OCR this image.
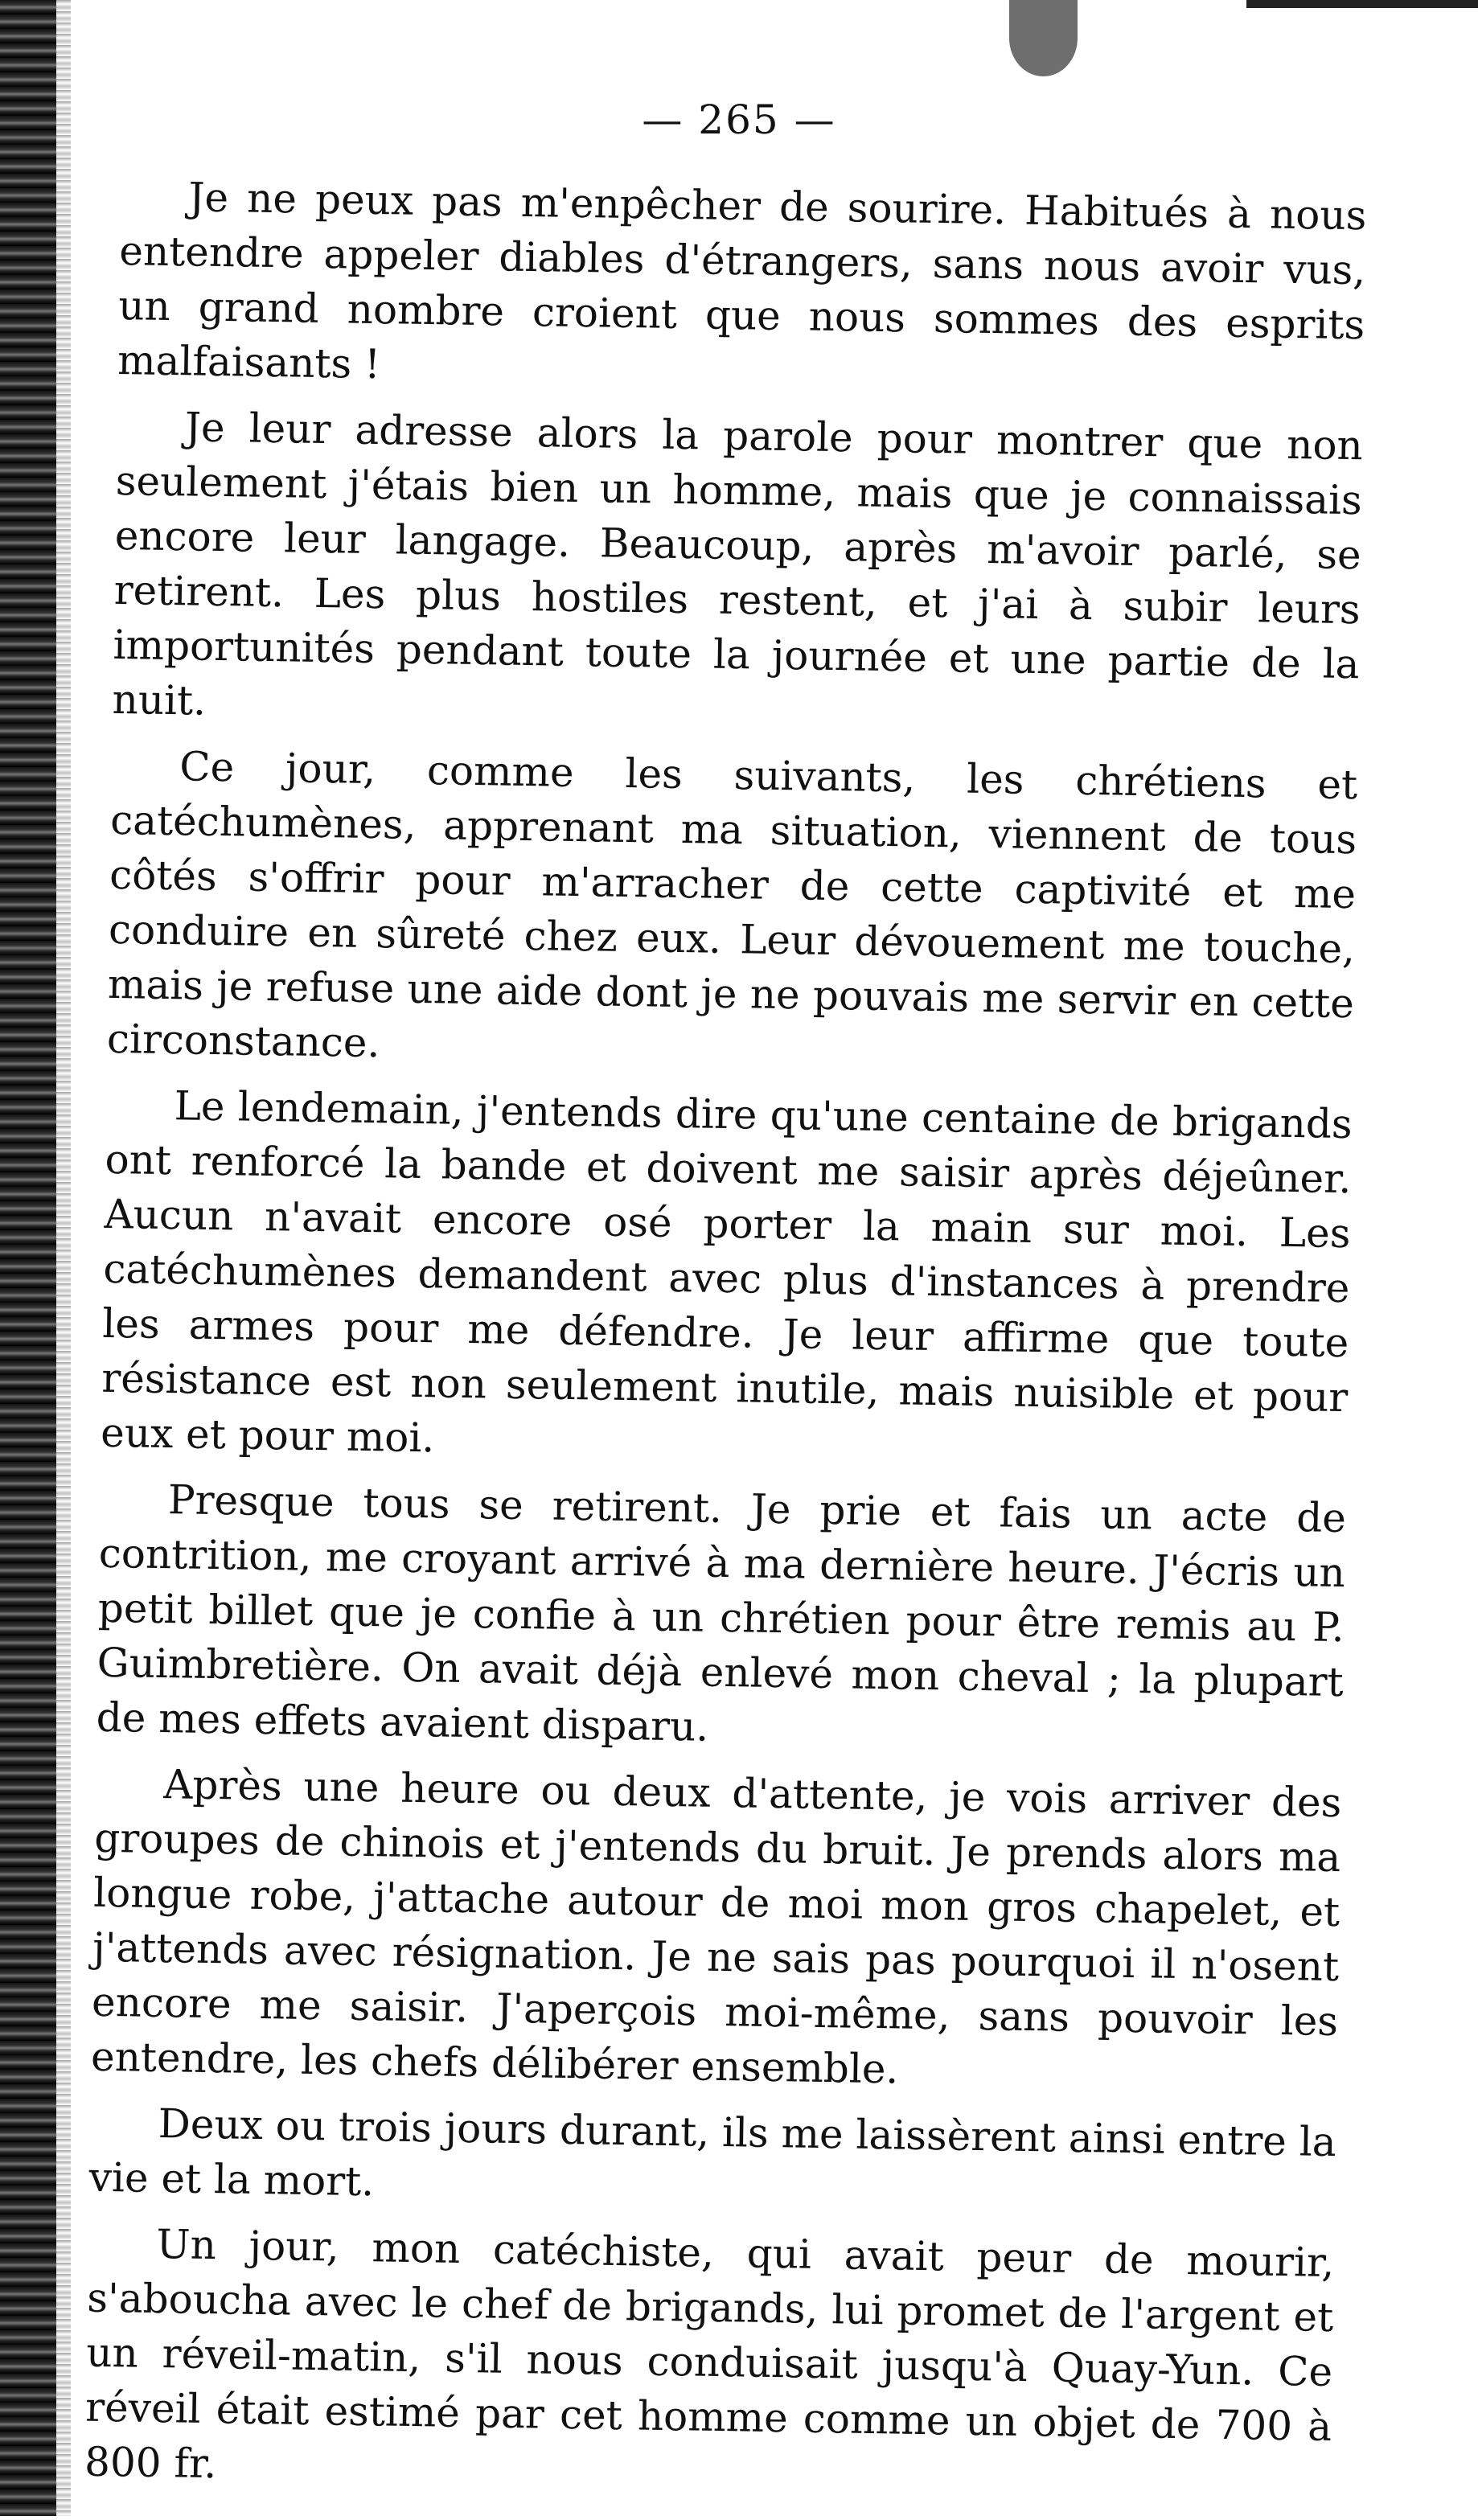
— 265 —

Je ne peux pas m'enpêcher de sourire. Habitués à nous entendre appeler diables d'étrangers, sans nous avoir vus, un grand nombre croient que nous sommes des esprits malfaisants !

Je leur adresse alors la parole pour montrer que non seulement j'étais bien un homme, mais que je connaissais encore leur langage. Beaucoup, après m'avoir parlé, se retirent. Les plus hostiles restent, et j'ai à subir leurs importunités pendant toute la journée et une partie de la nuit.

Ce jour, comme les suivants, les chrétiens et catéchumènes, apprenant ma situation, viennent de tous côtés s'offrir pour m'arracher de cette captivité et me conduire en sûreté chez eux. Leur dévouement me touche, mais je refuse une aide dont je ne pouvais me servir en cette circonstance.

Le lendemain, j'entends dire qu'une centaine de brigands ont renforcé la bande et doivent me saisir après déjeûner. Aucun n'avait encore osé porter la main sur moi. Les catéchumènes demandent avec plus d'instances à prendre les armes pour me défendre. Je leur affirme que toute résistance est non seulement inutile, mais nuisible et pour eux et pour moi.

Presque tous se retirent. Je prie et fais un acte de contrition, me croyant arrivé à ma dernière heure. J'écris un petit billet que je confie à un chrétien pour être remis au P. Guimbretière. On avait déjà enlevé mon cheval ; la plupart de mes effets avaient disparu.

Après une heure ou deux d'attente, je vois arriver des groupes de chinois et j'entends du bruit. Je prends alors ma longue robe, j'attache autour de moi mon gros chapelet, et j'attends avec résignation. Je ne sais pas pourquoi il n'osent encore me saisir. J'aperçois moi-même, sans pouvoir les entendre, les chefs délibérer ensemble.

Deux ou trois jours durant, ils me laissèrent ainsi entre la vie et la mort.

Un jour, mon catéchiste, qui avait peur de mourir, s'aboucha avec le chef de brigands, lui promet de l'argent et un réveil-matin, s'il nous conduisait jusqu'à Quay-Yun. Ce réveil était estimé par cet homme comme un objet de 700 à 800 fr.
